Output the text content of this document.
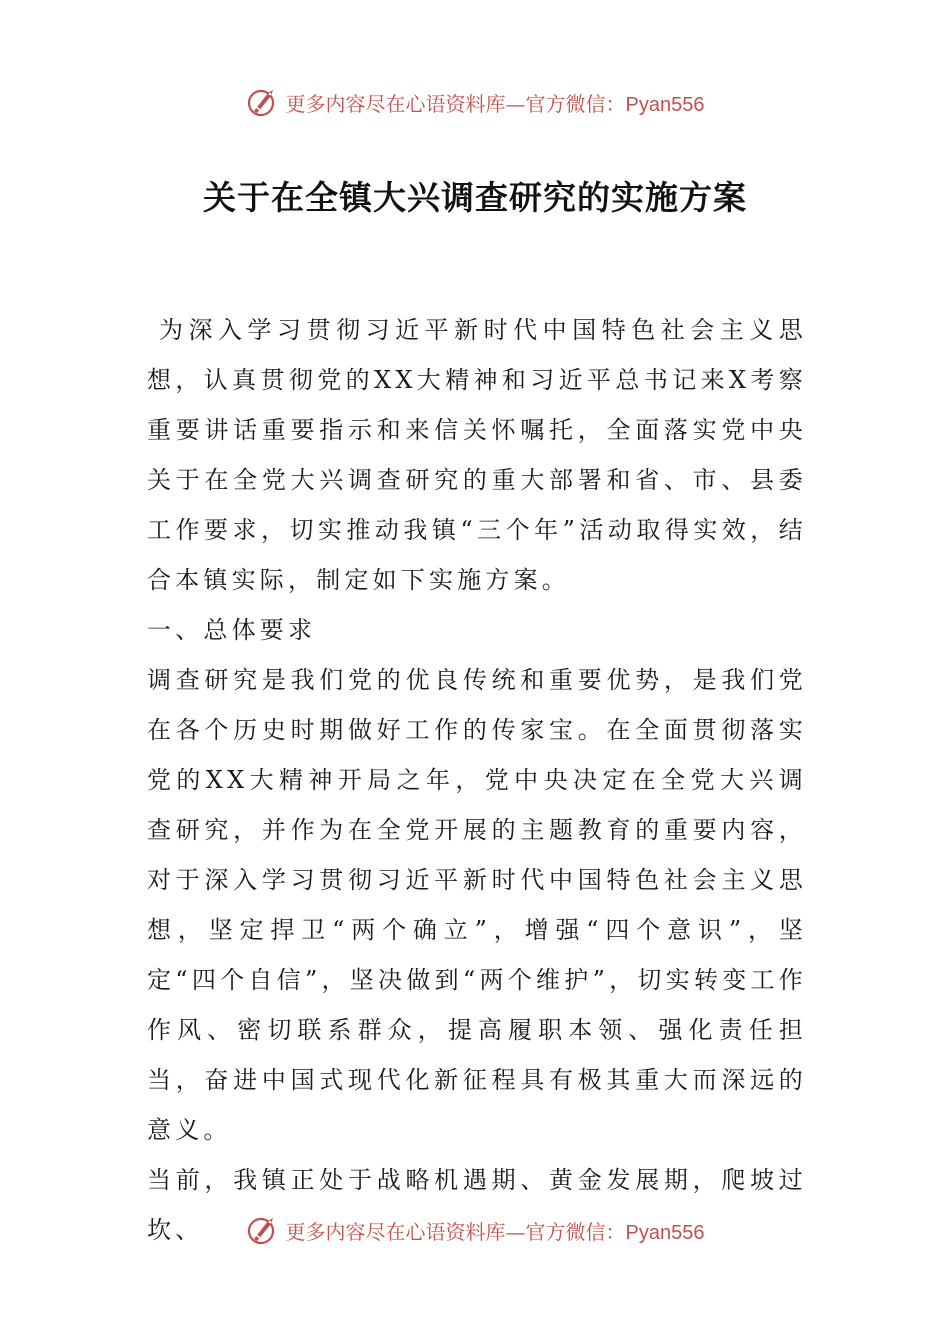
更多内容尽在心语资料库—官方微信：Pyan556
关于在全镇大兴调查研究的实施方案

为深入学习贯彻习近平新时代中国特色社会主义思想，认真贯彻党的XX大精神和习近平总书记来X考察重要讲话重要指示和来信关怀嘱托，全面落实党中央关于在全党大兴调查研究的重大部署和省、市、县委工作要求，切实推动我镇“三个年”活动取得实效，结合本镇实际，制定如下实施方案。

一、总体要求

调查研究是我们党的优良传统和重要优势，是我们党在各个历史时期做好工作的传家宝。在全面贯彻落实党的XX大精神开局之年，党中央决定在全党大兴调查研究，并作为在全党开展的主题教育的重要内容，对于深入学习贯彻习近平新时代中国特色社会主义思想，坚定捍卫“两个确立”，增强“四个意识”，坚定“四个自信”，坚决做到“两个维护”，切实转变工作作风、密切联系群众，提高履职本领、强化责任担当，奋进中国式现代化新征程具有极其重大而深远的意义。

当前，我镇正处于战略机遇期、黄金发展期，爬坡过坎、	更多内容尽在心语资料库—官方微信：Pyan556
